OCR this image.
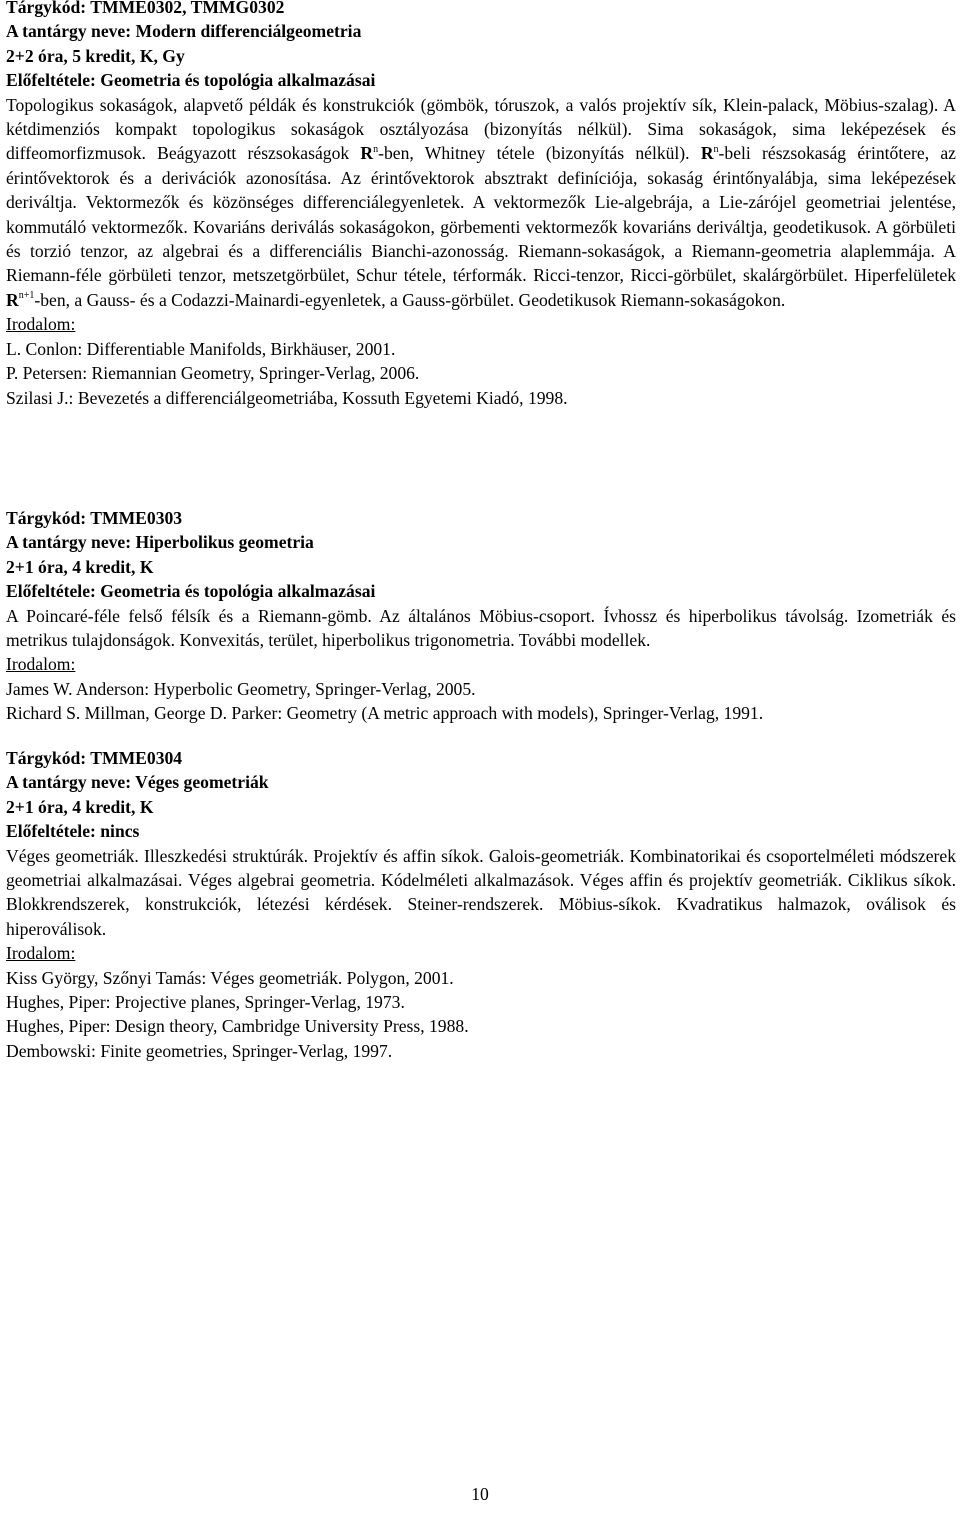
Tárgykód: TMME0302, TMMG0302

A tantárgy neve: Modern differenciálgeometria

2+2 óra, 5 kredit, K, Gy

Előfeltétele: Geometria és topológia alkalmazásai

Topologikus sokaságok, alapvető példák és konstrukciók (gömbök, tóruszok, a valós projektív sík, Klein-palack, Möbius-szalag). A kétdimenziós kompakt topologikus sokaságok osztályozása (bizonyítás nélkül). Sima sokaságok, sima leképezések és diffeomorfizmusok. Beágyazott részsokaságok $R^n$-ben, Whitney tétele (bizonyítás nélkül). $R^n$-beli részsokaság érintőtere, az érintővektorok és a derivációk azonosítása. Az érintővektorok absztrakt definíciója, sokaság érintőnyalábja, sima leképezések deriváltja. Vektormezők és közönséges differenciálegyenletek. A vektormezők Lie-algebrája, a Lie-zárójel geometriai jelentése, kommutáló vektormezők. Kovariáns deriválás sokaságokon, görbementi vektormezők kovariáns deriváltja, geodetikusok. A görbületi és torzió tenzor, az algebrai és a differenciális Bianchi-azonosság. Riemann-sokaságok, a Riemann-geometria alaplemmája. A Riemann-féle görbületi tenzor, metszetgörbület, Schur tétele, térformák. Ricci-tenzor, Ricci-görbület, skalárgörbület. Hiperfelületek $R^{n+1}$-ben, a Gauss- és a Codazzi-Mainardi-egyenletek, a Gauss-görbület. Geodetikusok Riemann-sokaságokon.

Irodalom:

L. Conlon: Differentiable Manifolds, Birkhäuser, 2001.

P. Petersen: Riemannian Geometry, Springer-Verlag, 2006.

Szilasi J.: Bevezetés a differenciálgeometriába, Kossuth Egyetemi Kiadó, 1998.

Tárgykód: TMME0303

A tantárgy neve: Hiperbolikus geometria

2+1 óra, 4 kredit, K

Előfeltétele: Geometria és topológia alkalmazásai

A Poincaré-féle felső félsík és a Riemann-gömb. Az általános Möbius-csoport. Ívhossz és hiperbolikus távolság. Izometriák és metrikus tulajdonságok. Konvexitás, terület, hiperbolikus trigonometria. További modellek.

Irodalom:

James W. Anderson: Hyperbolic Geometry, Springer-Verlag, 2005.

Richard S. Millman, George D. Parker: Geometry (A metric approach with models), Springer-Verlag, 1991.

Tárgykód: TMME0304

A tantárgy neve: Véges geometriák

2+1 óra, 4 kredit, K

Előfeltétele: nincs

Véges geometriák. Illeszkedési struktúrák. Projektív és affin síkok. Galois-geometriák. Kombinatorikai és csoportelméleti módszerek geometriai alkalmazásai. Véges algebrai geometria. Kódelméleti alkalmazások. Véges affin és projektív geometriák. Ciklikus síkok. Blokkrendszerek, konstrukciók, létezési kérdések. Steiner-rendszerek. Möbius-síkok. Kvadratikus halmazok, oválisok és hiperoválisok.

Irodalom:

Kiss György, Szőnyi Tamás: Véges geometriák. Polygon, 2001.

Hughes, Piper: Projective planes, Springer-Verlag, 1973.

Hughes, Piper: Design theory, Cambridge University Press, 1988.

Dembowski: Finite geometries, Springer-Verlag, 1997.

10
